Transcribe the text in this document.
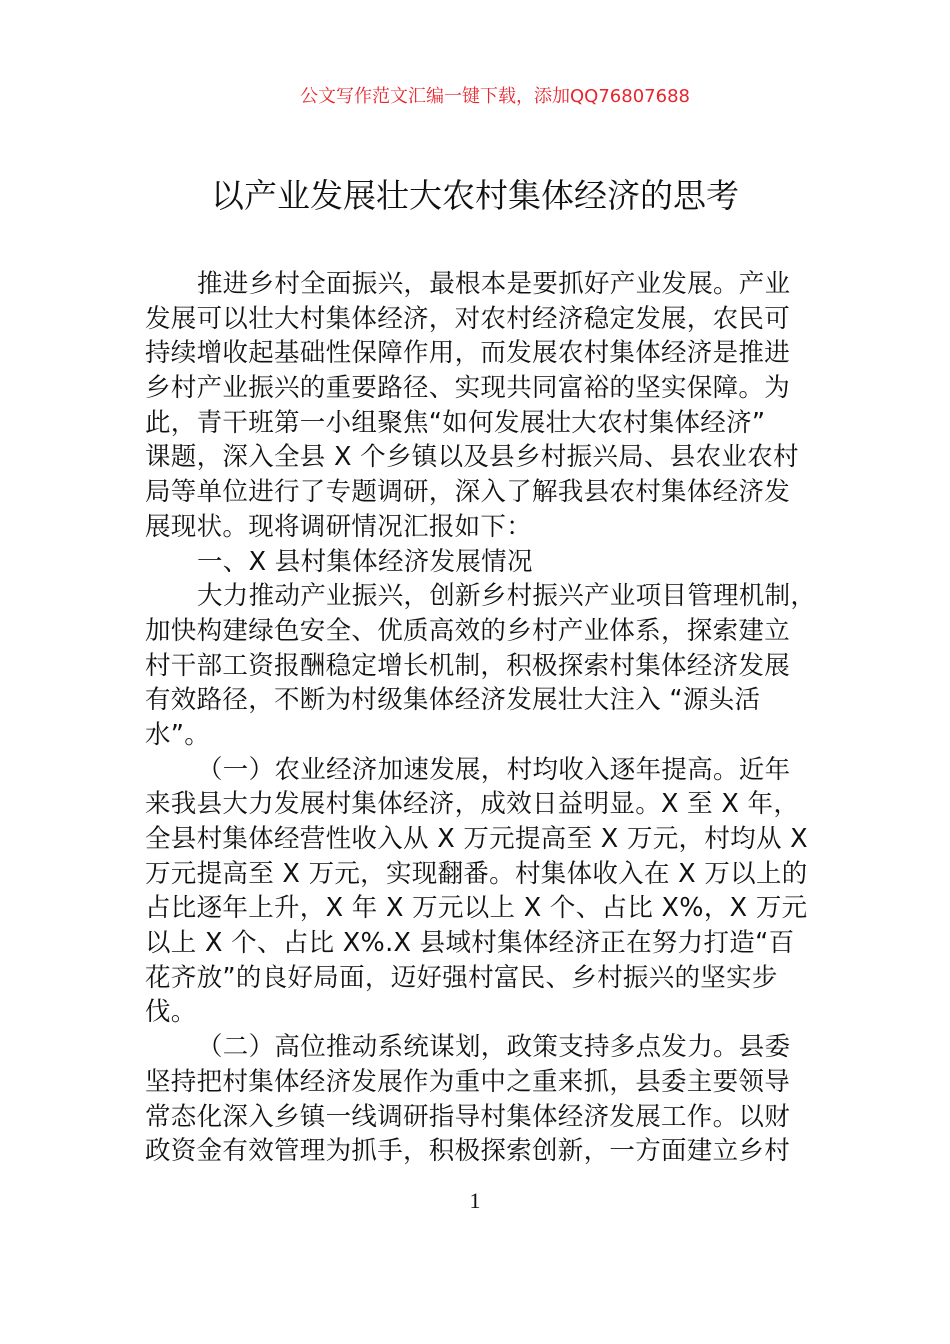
公文写作范文汇编一键下载，添加QQ76807688
以产业发展壮大农村集体经济的思考
推进乡村全面振兴，最根本是要抓好产业发展。产业
发展可以壮大村集体经济，对农村经济稳定发展，农民可
持续增收起基础性保障作用，而发展农村集体经济是推进
乡村产业振兴的重要路径、实现共同富裕的坚实保障。为
此，青干班第一小组聚焦“如何发展壮大农村集体经济”
课题，深入全县 X 个乡镇以及县乡村振兴局、县农业农村
局等单位进行了专题调研，深入了解我县农村集体经济发
展现状。现将调研情况汇报如下：
一、X 县村集体经济发展情况
大力推动产业振兴，创新乡村振兴产业项目管理机制，
加快构建绿色安全、优质高效的乡村产业体系，探索建立
村干部工资报酬稳定增长机制，积极探索村集体经济发展
有效路径，不断为村级集体经济发展壮大注入 “源头活
水”。
（一）农业经济加速发展，村均收入逐年提高。近年
来我县大力发展村集体经济，成效日益明显。X 至 X 年，
全县村集体经营性收入从 X 万元提高至 X 万元，村均从 X
万元提高至 X 万元，实现翻番。村集体收入在 X 万以上的
占比逐年上升，X 年 X 万元以上 X 个、占比 X%，X 万元
以上 X 个、占比 X%.X 县域村集体经济正在努力打造“百
花齐放”的良好局面，迈好强村富民、乡村振兴的坚实步
伐。
（二）高位推动系统谋划，政策支持多点发力。县委
坚持把村集体经济发展作为重中之重来抓，县委主要领导
常态化深入乡镇一线调研指导村集体经济发展工作。以财
政资金有效管理为抓手，积极探索创新，一方面建立乡村
1
